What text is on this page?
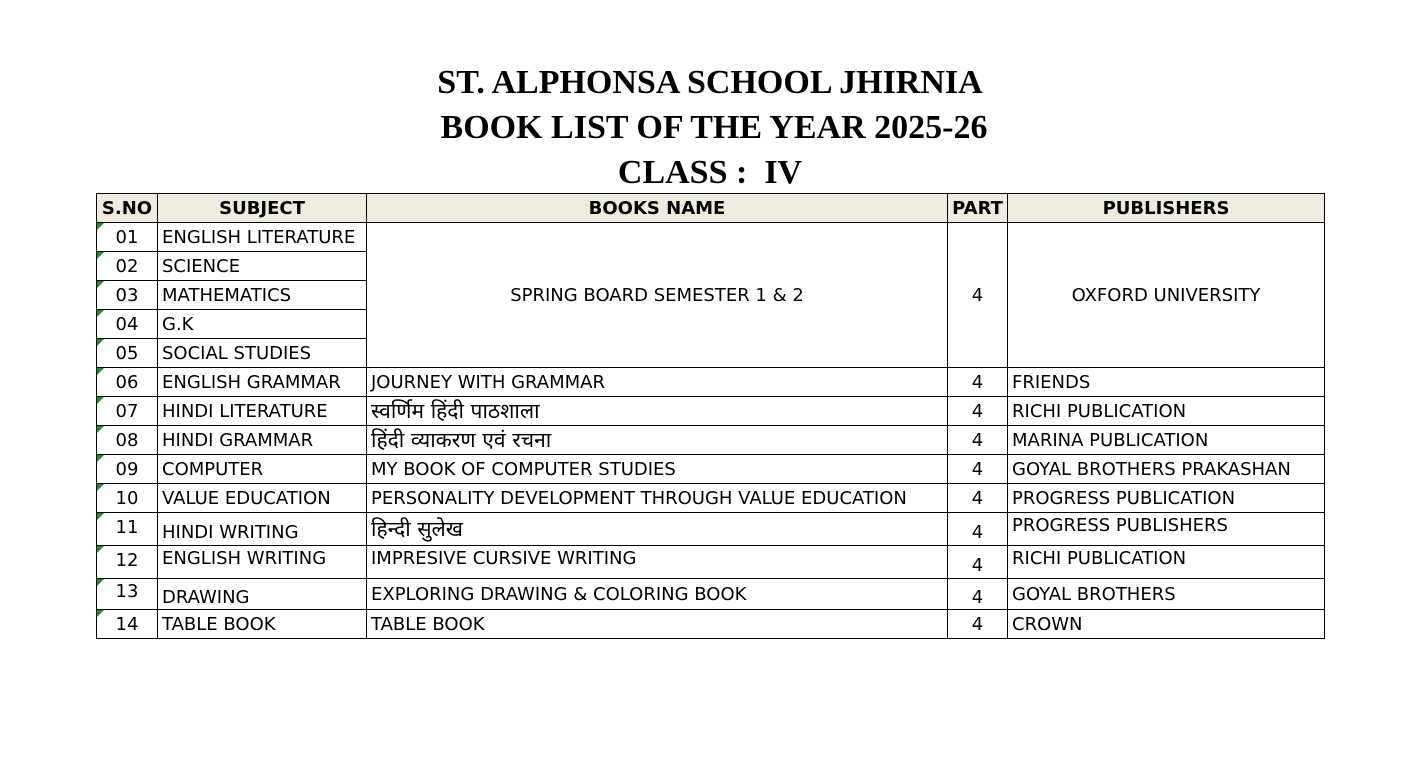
ST. ALPHONSA SCHOOL JHIRNIA
BOOK LIST OF THE YEAR 2025-26
CLASS :  IV
S.NO	SUBJECT	BOOKS NAME	PART	PUBLISHERS

01	ENGLISH LITERATURE	SPRING BOARD SEMESTER 1 & 2	4	OXFORD UNIVERSITY

02	SCIENCE			

03	MATHEMATICS			

04	G.K			

05	SOCIAL STUDIES			

06	ENGLISH GRAMMAR	JOURNEY WITH GRAMMAR	4	FRIENDS

07	HINDI LITERATURE	स्वर्णिम हिंदी पाठशाला	4	RICHI PUBLICATION

08	HINDI GRAMMAR	हिंदी व्याकरण एवं रचना	4	MARINA PUBLICATION

09	COMPUTER	MY BOOK OF COMPUTER STUDIES	4	GOYAL BROTHERS PRAKASHAN

10	VALUE EDUCATION	PERSONALITY DEVELOPMENT THROUGH VALUE EDUCATION	4	PROGRESS PUBLICATION

11	HINDI WRITING	हिन्दी सुलेख	4	PROGRESS PUBLISHERS

12	ENGLISH WRITING	IMPRESIVE CURSIVE WRITING	4	RICHI PUBLICATION

13	DRAWING	EXPLORING DRAWING & COLORING BOOK	4	GOYAL BROTHERS

14	TABLE BOOK	TABLE BOOK	4	CROWN
